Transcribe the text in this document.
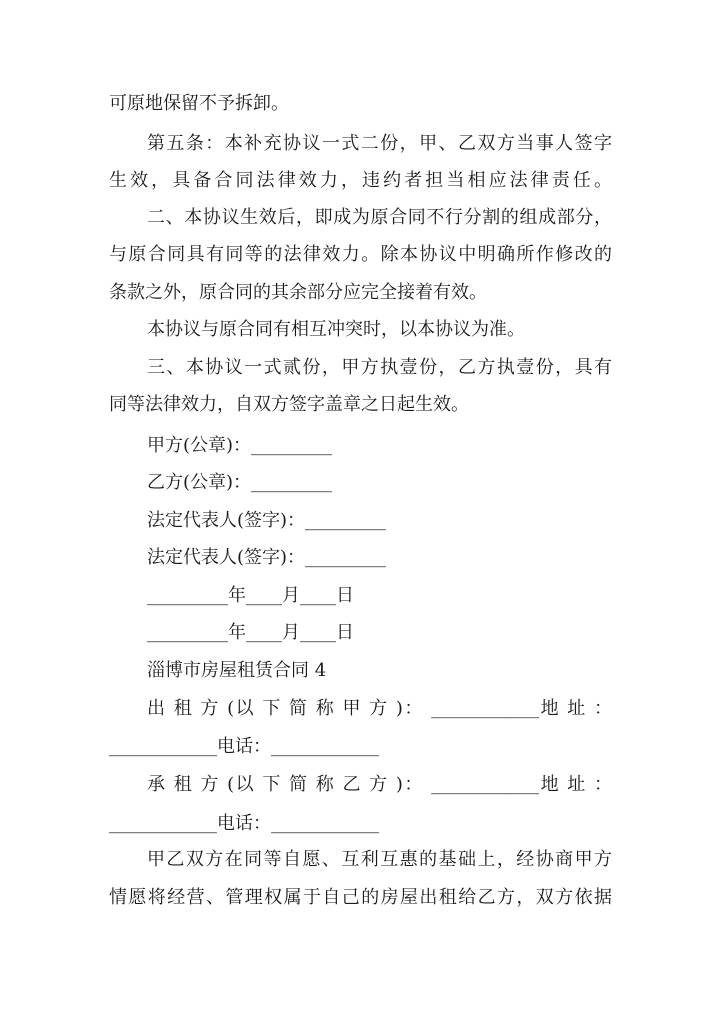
可原地保留不予拆卸。
第五条：本补充协议一式二份，甲、乙双方当事人签字
生效，具备合同法律效力，违约者担当相应法律责任。
二、本协议生效后，即成为原合同不行分割的组成部分，
与原合同具有同等的法律效力。除本协议中明确所作修改的
条款之外，原合同的其余部分应完全接着有效。
本协议与原合同有相互冲突时，以本协议为准。
三、本协议一式贰份，甲方执壹份，乙方执壹份，具有
同等法律效力，自双方签字盖章之日起生效。
甲方(公章)：_________
乙方(公章)：_________
法定代表人(签字)：_________
法定代表人(签字)：_________
_________年____月____日
_________年____月____日
淄博市房屋租赁合同 4
出 租 方 (以 下 简 称 甲 方 )： ____________地 址 ：
____________电话：____________
承 租 方 (以 下 简 称 乙 方 )： ____________地 址 ：
____________电话：____________
甲乙双方在同等自愿、互利互惠的基础上，经协商甲方
情愿将经营、管理权属于自己的房屋出租给乙方，双方依据
